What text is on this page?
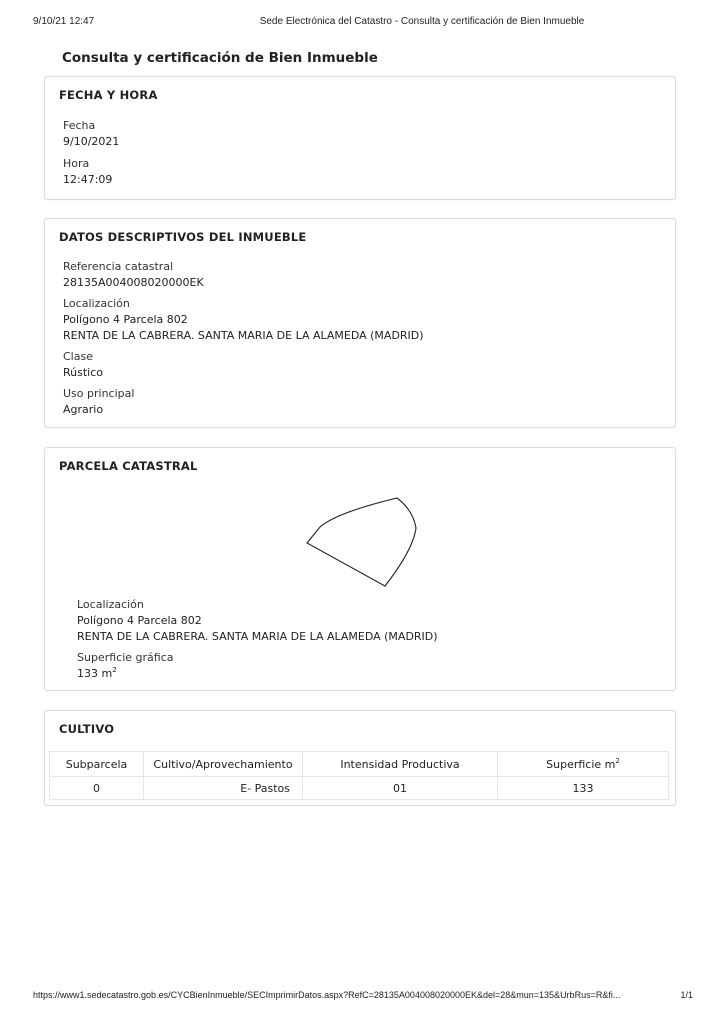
9/10/21 12:47	Sede Electrónica del Catastro - Consulta y certificación de Bien Inmueble
Consulta y certificación de Bien Inmueble
FECHA Y HORA
Fecha
9/10/2021
Hora
12:47:09
DATOS DESCRIPTIVOS DEL INMUEBLE
Referencia catastral
28135A004008020000EK
Localización
Polígono 4 Parcela 802
RENTA DE LA CABRERA. SANTA MARIA DE LA ALAMEDA (MADRID)
Clase
Rústico
Uso principal
Agrario
PARCELA CATASTRAL
Localización
Polígono 4 Parcela 802
RENTA DE LA CABRERA. SANTA MARIA DE LA ALAMEDA (MADRID)
Superficie gráfica
133 $m^2$
CULTIVO
Subparcela	Cultivo/Aprovechamiento	Intensidad Productiva	Superficie $m^2$
0	E- Pastos	01	133
https://www1.sedecatastro.gob.es/CYCBienInmueble/SECImprimirDatos.aspx?RefC=28135A004008020000EK&del=28&mun=135&UrbRus=R&fi...	1/1
